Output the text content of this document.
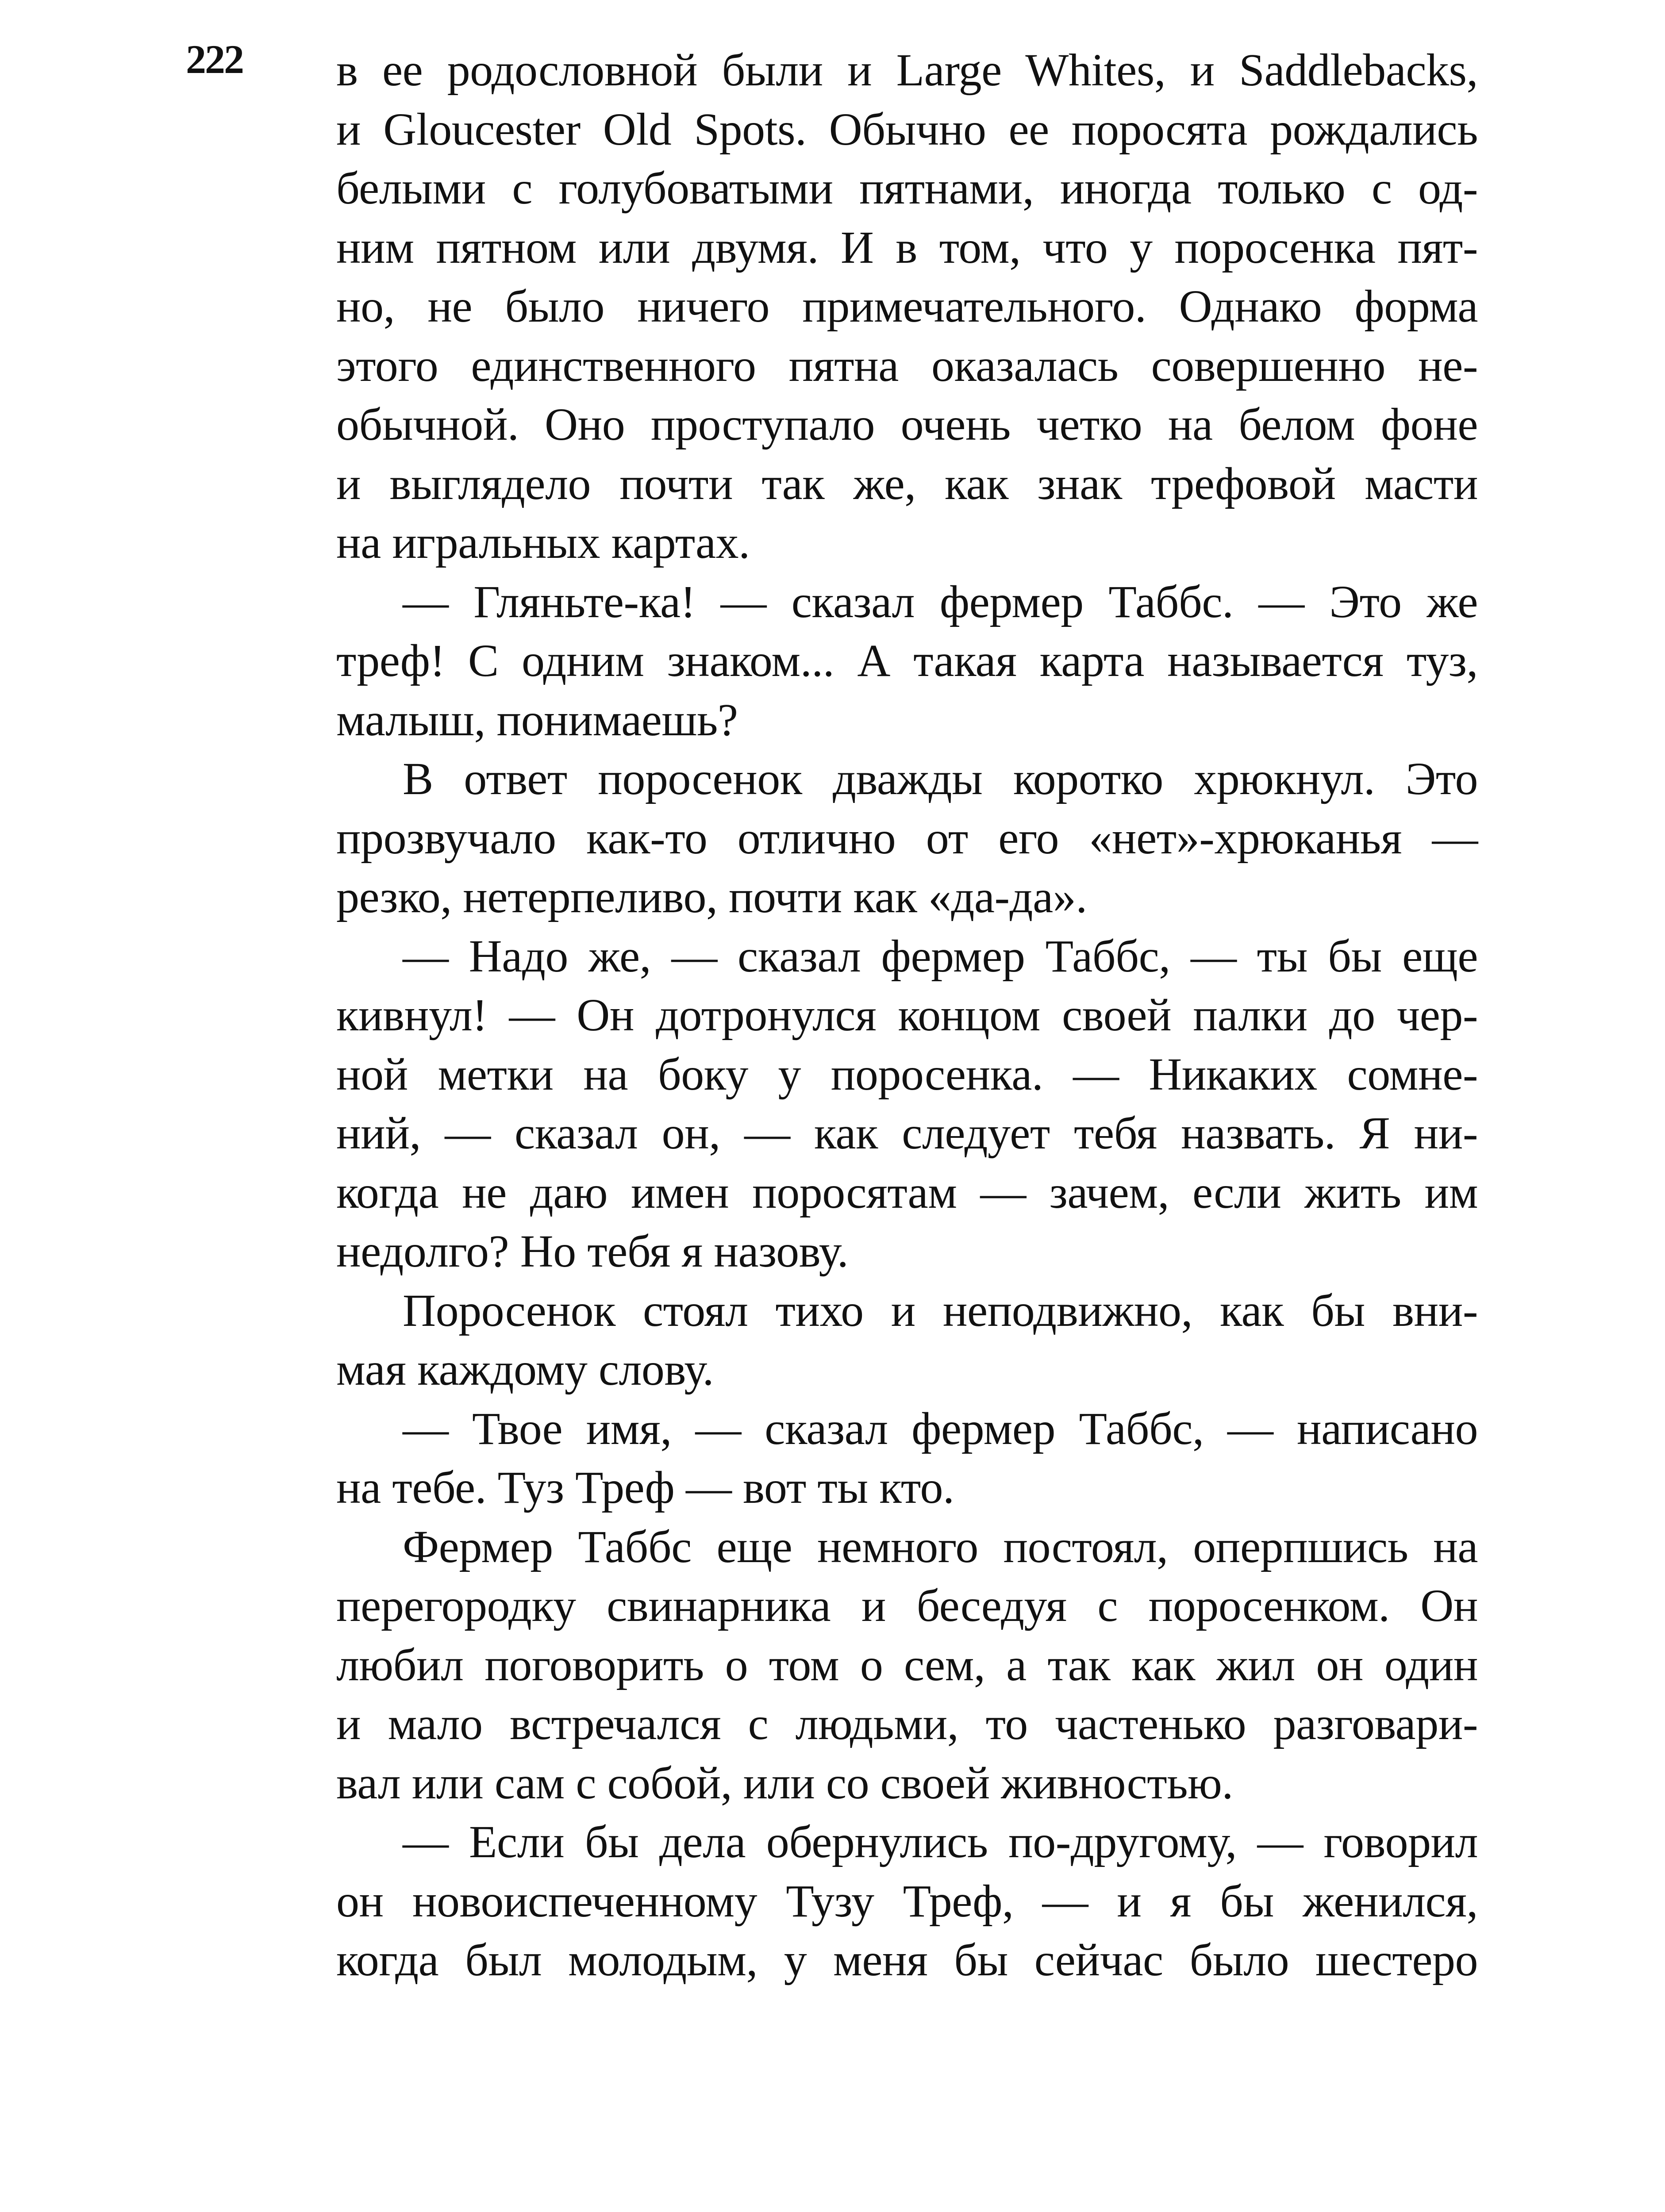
222 в ее родословной были и Large Whites, и Saddlebacks,
и Gloucester Old Spots. Обычно ее поросята рождались
белыми с голубоватыми пятнами, иногда только с од-
ним пятном или двумя. И в том, что у поросенка пят-
но, не было ничего примечательного. Однако форма
этого единственного пятна оказалась совершенно не-
обычной. Оно проступало очень четко на белом фоне
и выглядело почти так же, как знак трефовой масти
на игральных картах.
— Гляньте-ка! — сказал фермер Таббс. — Это же
треф! С одним знаком... А такая карта называется туз,
малыш, понимаешь?
В ответ поросенок дважды коротко хрюкнул. Это
прозвучало как-то отлично от его «нет»-хрюканья —
резко, нетерпеливо, почти как «да-да».
— Надо же, — сказал фермер Таббс, — ты бы еще
кивнул! — Он дотронулся концом своей палки до чер-
ной метки на боку у поросенка. — Никаких сомне-
ний, — сказал он, — как следует тебя назвать. Я ни-
когда не даю имен поросятам — зачем, если жить им
недолго? Но тебя я назову.
Поросенок стоял тихо и неподвижно, как бы вни-
мая каждому слову.
— Твое имя, — сказал фермер Таббс, — написано
на тебе. Туз Треф — вот ты кто.
Фермер Таббс еще немного постоял, оперпшись на
перегородку свинарника и беседуя с поросенком. Он
любил поговорить о том о сем, а так как жил он один
и мало встречался с людьми, то частенько разговари-
вал или сам с собой, или со своей живностью.
— Если бы дела обернулись по-другому, — говорил
он новоиспеченному Тузу Треф, — и я бы женился,
когда был молодым, у меня бы сейчас было шестеро
